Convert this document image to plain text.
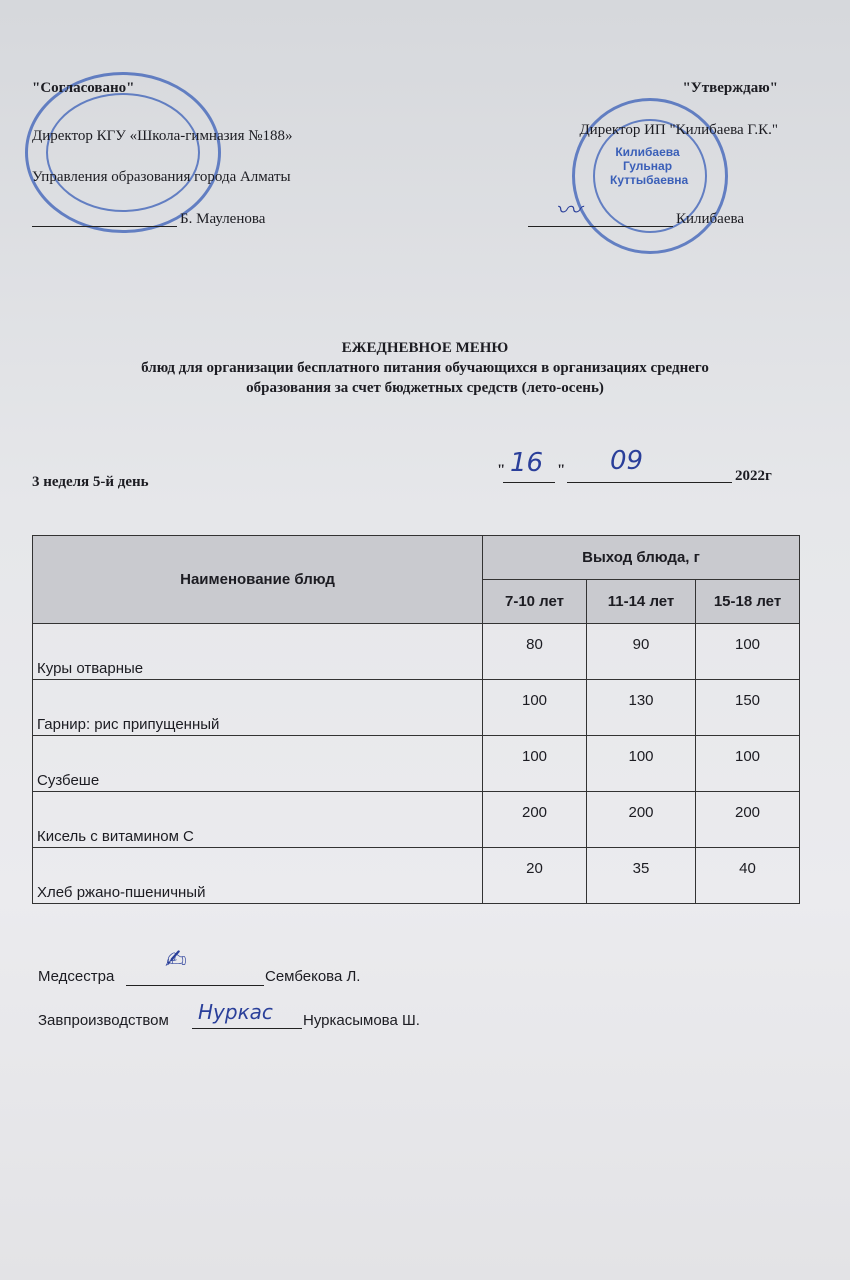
Килибаева Гульнар Куттыбаевна
"Согласовано"
Директор КГУ «Школа-гимназия №188»
Управления образования города Алматы
Б. Мауленова
"Утверждаю"
Директор ИП "Килибаева Г.К."
〰	Килибаева
ЕЖЕДНЕВНОЕ МЕНЮ
блюд для организации бесплатного питания обучающихся в организациях среднего
образования за счет бюджетных средств (лето-осень)
3 неделя 5-й день
" 16 " 09	2022г
Наименование блюд	Выход блюда, г		
	7-10 лет	11-14 лет	15-18 лет
Куры отварные	80	90	100
Гарнир: рис припущенный	100	130	150
Сузбеше	100	100	100
Кисель с витамином С	200	200	200
Хлеб ржано-пшеничный	20	35	40
Медсестра
✍
Сембекова Л.
Завпроизводством Нуркас Нуркасымова Ш.
